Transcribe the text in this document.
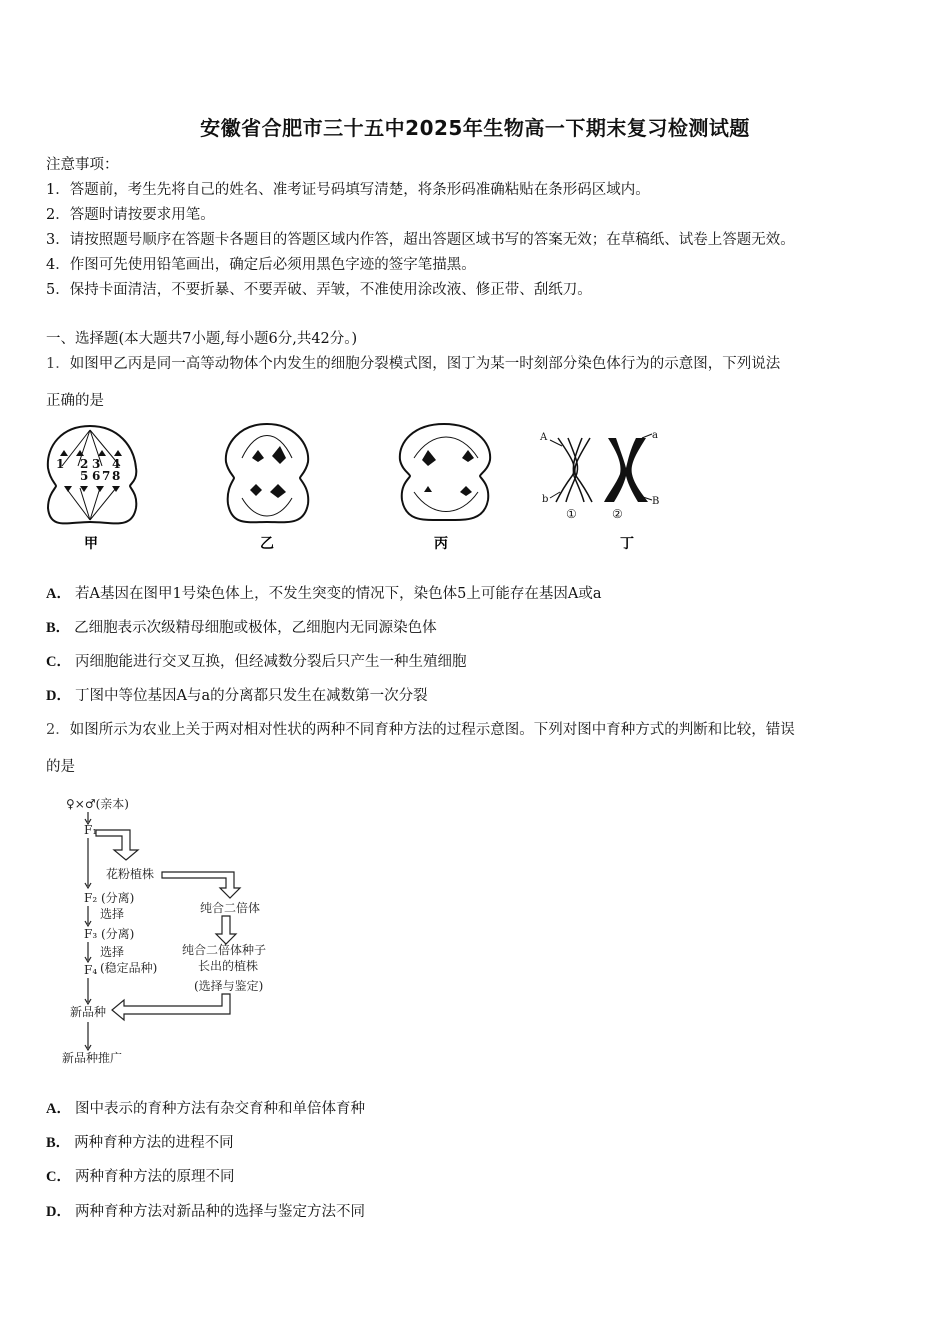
安徽省合肥市三十五中2025年生物高一下期末复习检测试题
注意事项：
1．答题前，考生先将自己的姓名、准考证号码填写清楚，将条形码准确粘贴在条形码区域内。
2．答题时请按要求用笔。
3．请按照题号顺序在答题卡各题目的答题区域内作答，超出答题区域书写的答案无效；在草稿纸、试卷上答题无效。
4．作图可先使用铅笔画出，确定后必须用黑色字迹的签字笔描黑。
5．保持卡面清洁，不要折暴、不要弄破、弄皱，不准使用涂改液、修正带、刮纸刀。
一、选择题(本大题共7小题,每小题6分,共42分。)
1．如图甲乙丙是同一高等动物体个内发生的细胞分裂模式图，图丁为某一时刻部分染色体行为的示意图，下列说法
正确的是
1 2 3 4
5 6 7 8
甲	乙	丙
A	a
b	B
①	②
丁
A． 若A基因在图甲1号染色体上，不发生突变的情况下，染色体5上可能存在基因A或a
B． 乙细胞表示次级精母细胞或极体，乙细胞内无同源染色体
C． 丙细胞能进行交叉互换，但经减数分裂后只产生一种生殖细胞
D． 丁图中等位基因A与a的分离都只发生在减数第一次分裂
2．如图所示为农业上关于两对相对性状的两种不同育种方法的过程示意图。下列对图中育种方式的判断和比较，错误
的是
♀×♂(亲本)
F₁
花粉植株
F₂ (分离)
选择	纯合二倍体
F₃ (分离)
选择	纯合二倍体种子
(稳定品种)	长出的植株
F₄
(选择与鉴定)
新品种
新品种推广
A． 图中表示的育种方法有杂交育种和单倍体育种
B． 两种育种方法的进程不同
C． 两种育种方法的原理不同
D． 两种育种方法对新品种的选择与鉴定方法不同
